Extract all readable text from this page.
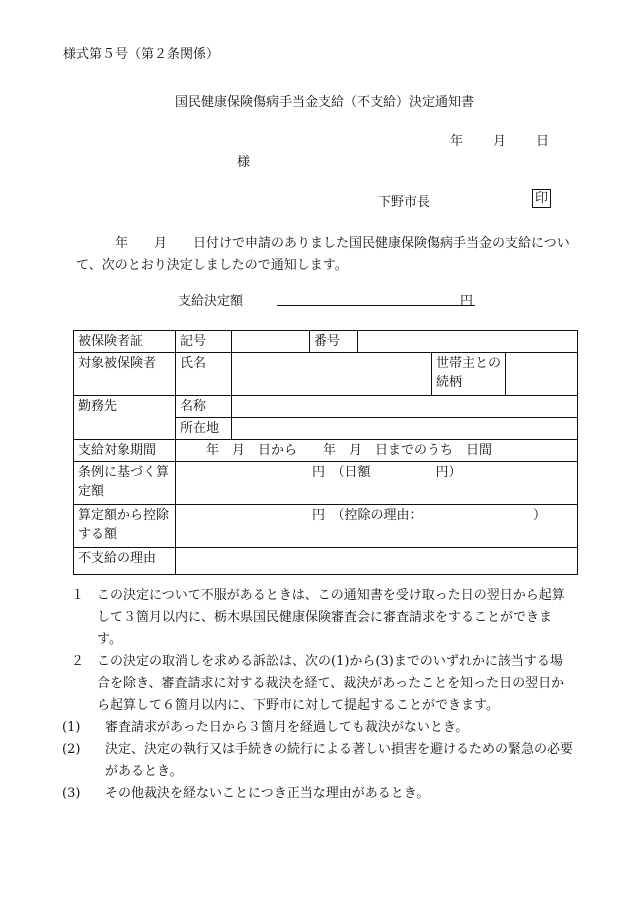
様式第５号（第２条関係）
国民健康保険傷病手当金支給（不支給）決定通知書
年 月 日
様
下野市長	印
　　　年　　月　　日付けで申請のありました国民健康保険傷病手当金の支給について、次のとおり決定しましたので通知します。
支給決定額	円
被保険者証	記号		番号			
対象被保険者	氏名				世帯主との続柄	
勤務先	名称					
	所在地					
支給対象期間	　　年　月　日から　　年　月　日までのうち　日間					
条例に基づく算定額	円　（日額　　　　　円）					
算定額から控除する額	円　（控除の理由：　　　　　　　　　）					
不支給の理由						
１ この決定について不服があるときは、この通知書を受け取った日の翌日から起算して３箇月以内に、栃木県国民健康保険審査会に審査請求をすることができます。
２ この決定の取消しを求める訴訟は、次の(1)から(3)までのいずれかに該当する場合を除き、審査請求に対する裁決を経て、裁決があったことを知った日の翌日から起算して６箇月以内に、下野市に対して提起することができます。
(1) 審査請求があった日から３箇月を経過しても裁決がないとき。
(2) 決定、決定の執行又は手続きの続行による著しい損害を避けるための緊急の必要があるとき。
(3) その他裁決を経ないことにつき正当な理由があるとき。
